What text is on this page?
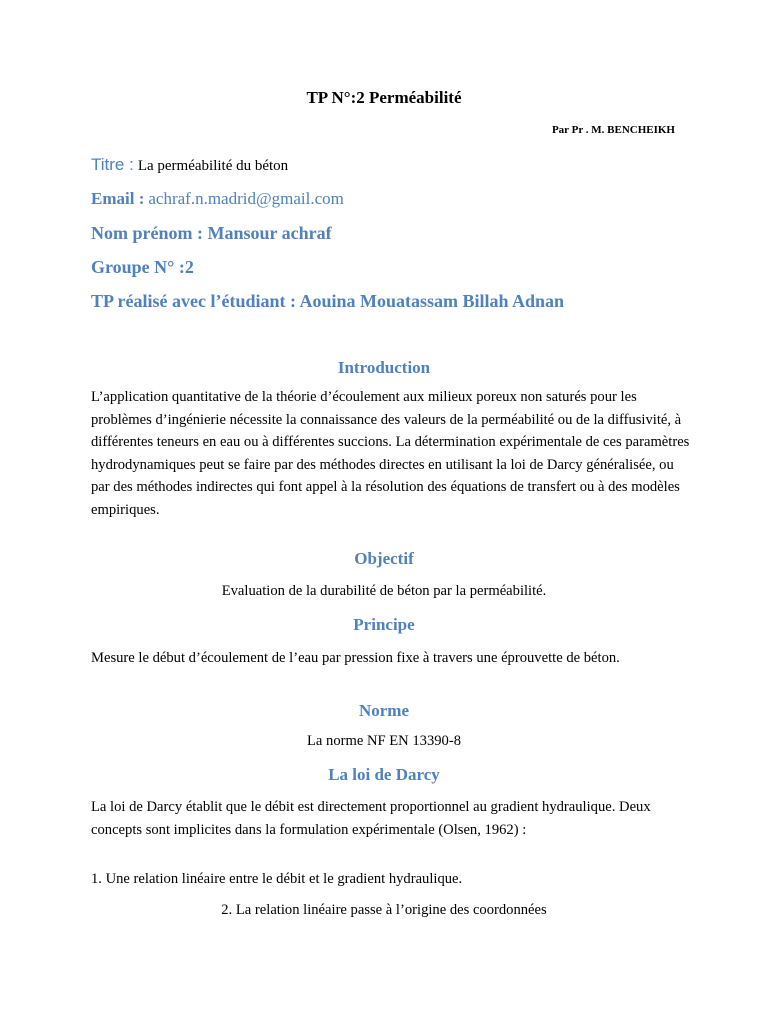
TP N°:2 Perméabilité
Par Pr . M. BENCHEIKH
Titre : La perméabilité du béton
Email : achraf.n.madrid@gmail.com
Nom prénom : Mansour achraf
Groupe N° :2
TP réalisé avec l’étudiant : Aouina Mouatassam Billah Adnan
Introduction
L’application quantitative de la théorie d’écoulement aux milieux poreux non saturés pour les problèmes d’ingénierie nécessite la connaissance des valeurs de la perméabilité ou de la diffusivité, à différentes teneurs en eau ou à différentes succions. La détermination expérimentale de ces paramètres hydrodynamiques peut se faire par des méthodes directes en utilisant la loi de Darcy généralisée, ou par des méthodes indirectes qui font appel à la résolution des équations de transfert ou à des modèles empiriques.
Objectif
Evaluation de la durabilité de béton par la perméabilité.
Principe
Mesure le début d’écoulement de l’eau par pression fixe à travers une éprouvette de béton.
Norme
La norme NF EN 13390-8
La loi de Darcy
La loi de Darcy établit que le débit est directement proportionnel au gradient hydraulique. Deux concepts sont implicites dans la formulation expérimentale (Olsen, 1962) :
1. Une relation linéaire entre le débit et le gradient hydraulique.
2. La relation linéaire passe à l’origine des coordonnées
